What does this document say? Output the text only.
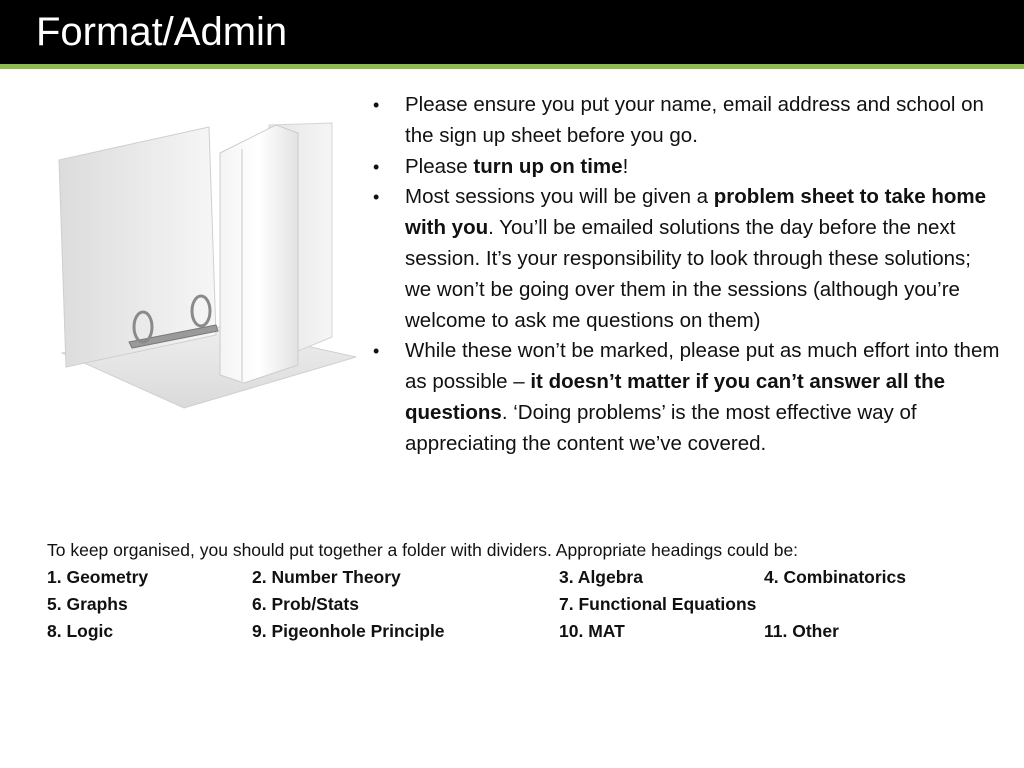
Format/Admin
• Please ensure you put your name, email address and school on the sign up sheet before you go.
• Please turn up on time!
• Most sessions you will be given a problem sheet to take home with you. You’ll be emailed solutions the day before the next session. It’s your responsibility to look through these solutions; we won’t be going over them in the sessions (although you’re welcome to ask me questions on them)
• While these won’t be marked, please put as much effort into them as possible – it doesn’t matter if you can’t answer all the questions. ‘Doing problems’ is the most effective way of appreciating the content we’ve covered.
To keep organised, you should put together a folder with dividers. Appropriate headings could be:
1. Geometry	2. Number Theory	3. Algebra	4. Combinatorics
5. Graphs	6. Prob/Stats	7. Functional Equations
8. Logic	9. Pigeonhole Principle	10. MAT	11. Other
